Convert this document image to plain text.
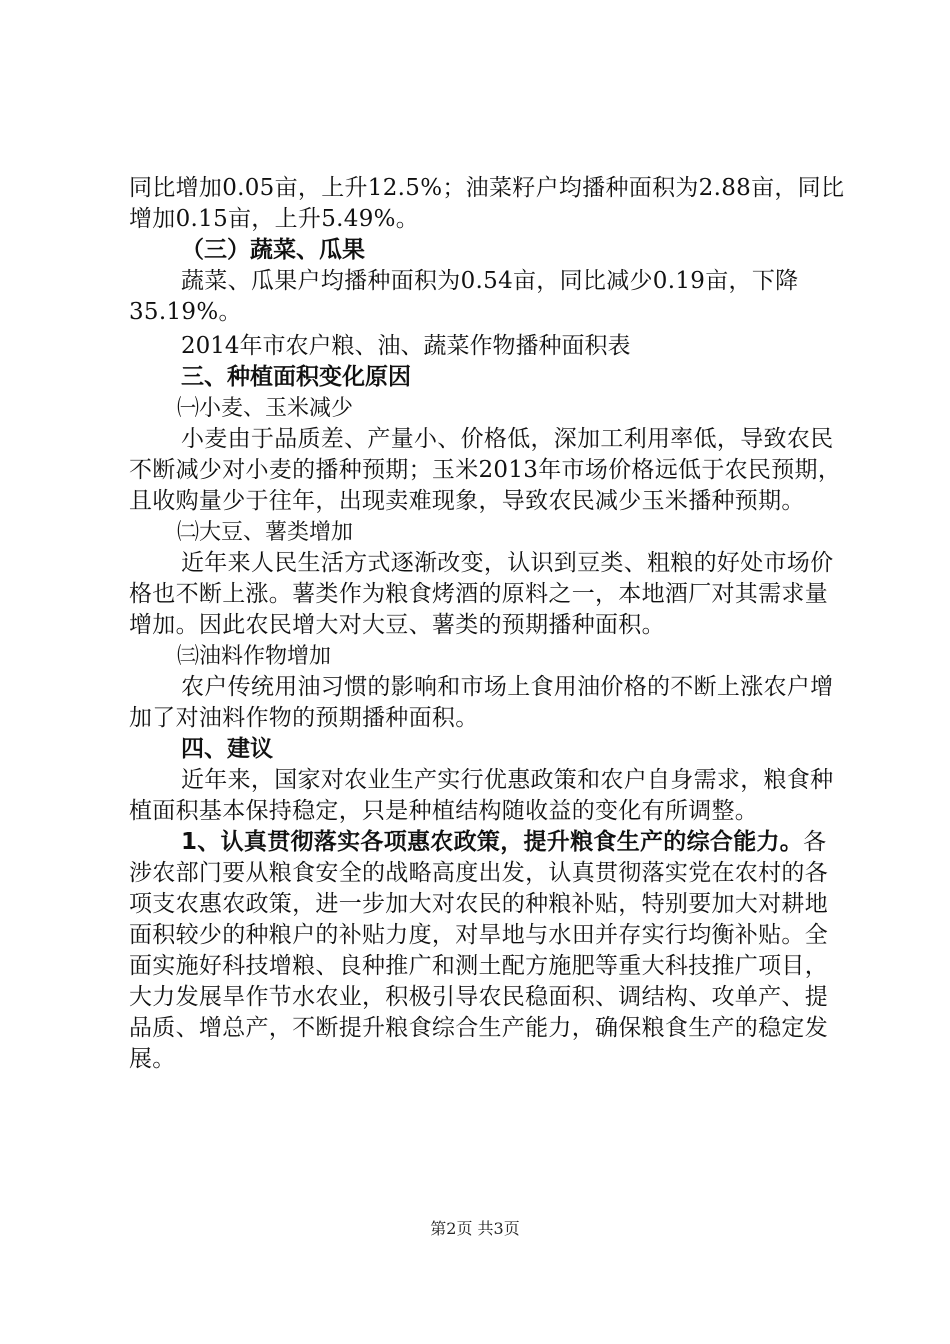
同比增加0.05亩，上升12.5%；油菜籽户均播种面积为2.88亩，同比增加0.15亩，上升5.49%。

（三）蔬菜、瓜果

蔬菜、瓜果户均播种面积为0.54亩，同比减少0.19亩，下降35.19%。

2014年市农户粮、油、蔬菜作物播种面积表

三、种植面积变化原因

㈠小麦、玉米减少

小麦由于品质差、产量小、价格低，深加工利用率低，导致农民不断减少对小麦的播种预期；玉米2013年市场价格远低于农民预期，且收购量少于往年，出现卖难现象，导致农民减少玉米播种预期。

㈡大豆、薯类增加

近年来人民生活方式逐渐改变，认识到豆类、粗粮的好处市场价格也不断上涨。薯类作为粮食烤酒的原料之一，本地酒厂对其需求量增加。因此农民增大对大豆、薯类的预期播种面积。

㈢油料作物增加

农户传统用油习惯的影响和市场上食用油价格的不断上涨农户增加了对油料作物的预期播种面积。

四、建议

近年来，国家对农业生产实行优惠政策和农户自身需求，粮食种植面积基本保持稳定，只是种植结构随收益的变化有所调整。

1、认真贯彻落实各项惠农政策，提升粮食生产的综合能力。各涉农部门要从粮食安全的战略高度出发，认真贯彻落实党在农村的各项支农惠农政策，进一步加大对农民的种粮补贴，特别要加大对耕地面积较少的种粮户的补贴力度，对旱地与水田并存实行均衡补贴。全面实施好科技增粮、良种推广和测土配方施肥等重大科技推广项目，大力发展旱作节水农业，积极引导农民稳面积、调结构、攻单产、提品质、增总产，不断提升粮食综合生产能力，确保粮食生产的稳定发展。

第2页 共3页
